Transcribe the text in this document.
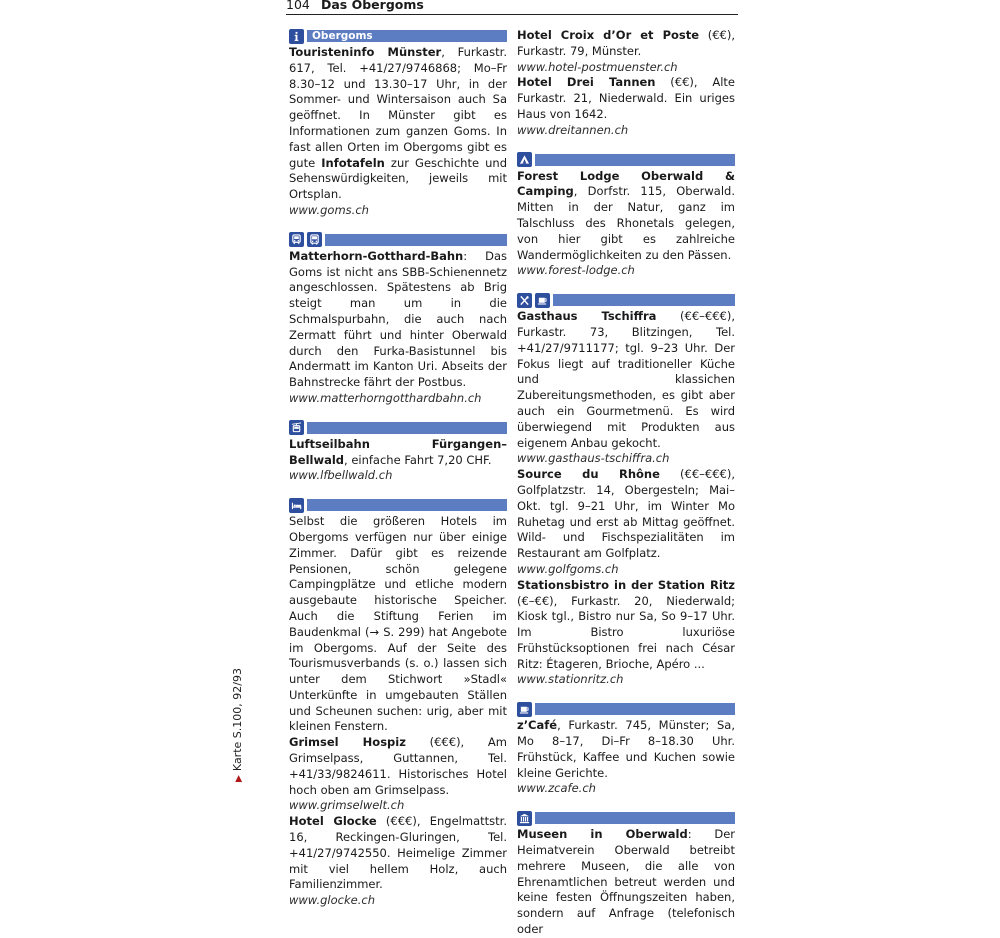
104 Das Obergoms
▶Karte S.100, 92/93
Obergoms

Touristeninfo Münster, Furkastr. 617, Tel. +41/27/9746868; Mo–Fr 8.30–12 und 13.30–17 Uhr, in der Sommer- und Wintersaison auch Sa geöffnet. In Münster gibt es Informationen zum ganzen Goms. In fast allen Orten im Obergoms gibt es gute Infotafeln zur Geschichte und Sehenswürdigkeiten, jeweils mit Ortsplan.

www.goms.ch

Matterhorn-Gotthard-Bahn: Das Goms ist nicht ans SBB-Schienennetz angeschlossen. Spätestens ab Brig steigt man um in die Schmalspurbahn, die auch nach Zermatt führt und hinter Oberwald durch den Furka-Basistunnel bis Andermatt im Kanton Uri. Abseits der Bahnstrecke fährt der Postbus.

www.matterhorngotthardbahn.ch

Luftseilbahn Fürgangen–Bellwald, einfache Fahrt 7,20 CHF.

www.lfbellwald.ch

Selbst die größeren Hotels im Obergoms verfügen nur über einige Zimmer. Dafür gibt es reizende Pensionen, schön gelegene Campingplätze und etliche modern ausgebaute historische Speicher. Auch die Stiftung Ferien im Baudenkmal (→ S. 299) hat Angebote im Obergoms. Auf der Seite des Tourismusverbands (s. o.) lassen sich unter dem Stichwort »Stadl« Unterkünfte in umgebauten Ställen und Scheunen suchen: urig, aber mit kleinen Fenstern.

Grimsel Hospiz (€€€), Am Grimselpass, Guttannen, Tel. +41/33/9824611. Historisches Hotel hoch oben am Grimselpass.

www.grimselwelt.ch

Hotel Glocke (€€€), Engelmattstr. 16, Reckingen-Gluringen, Tel. +41/27/9742550. Heimelige Zimmer mit viel hellem Holz, auch Familienzimmer.

www.glocke.ch

Hotel Croix d’Or et Poste (€€), Furkastr. 79, Münster.

www.hotel-postmuenster.ch

Hotel Drei Tannen (€€), Alte Furkastr. 21, Niederwald. Ein uriges Haus von 1642.

www.dreitannen.ch

Forest Lodge Oberwald & Camping, Dorfstr. 115, Oberwald. Mitten in der Natur, ganz im Talschluss des Rhonetals gelegen, von hier gibt es zahlreiche Wandermöglichkeiten zu den Pässen.

www.forest-lodge.ch

Gasthaus Tschiffra (€€–€€€), Furkastr. 73, Blitzingen, Tel. +41/27/9711177; tgl. 9–23 Uhr. Der Fokus liegt auf traditioneller Küche und klassichen Zubereitungsmethoden, es gibt aber auch ein Gourmetmenü. Es wird überwiegend mit Produkten aus eigenem Anbau gekocht.

www.gasthaus-tschiffra.ch

Source du Rhône (€€–€€€), Golfplatzstr. 14, Obergesteln; Mai–Okt. tgl. 9–21 Uhr, im Winter Mo Ruhetag und erst ab Mittag geöffnet. Wild- und Fischspezialitäten im Restaurant am Golfplatz.

www.golfgoms.ch

Stationsbistro in der Station Ritz (€–€€), Furkastr. 20, Niederwald; Kiosk tgl., Bistro nur Sa, So 9–17 Uhr. Im Bistro luxuriöse Frühstücksoptionen frei nach César Ritz: Étageren, Brioche, Apéro ...

www.stationritz.ch

z’Café, Furkastr. 745, Münster; Sa, Mo 8–17, Di–Fr 8–18.30 Uhr. Frühstück, Kaffee und Kuchen sowie kleine Gerichte.

www.zcafe.ch

Museen in Oberwald: Der Heimatverein Oberwald betreibt mehrere Museen, die alle von Ehrenamtlichen betreut werden und keine festen Öffnungszeiten haben, sondern auf Anfrage (telefonisch oder
